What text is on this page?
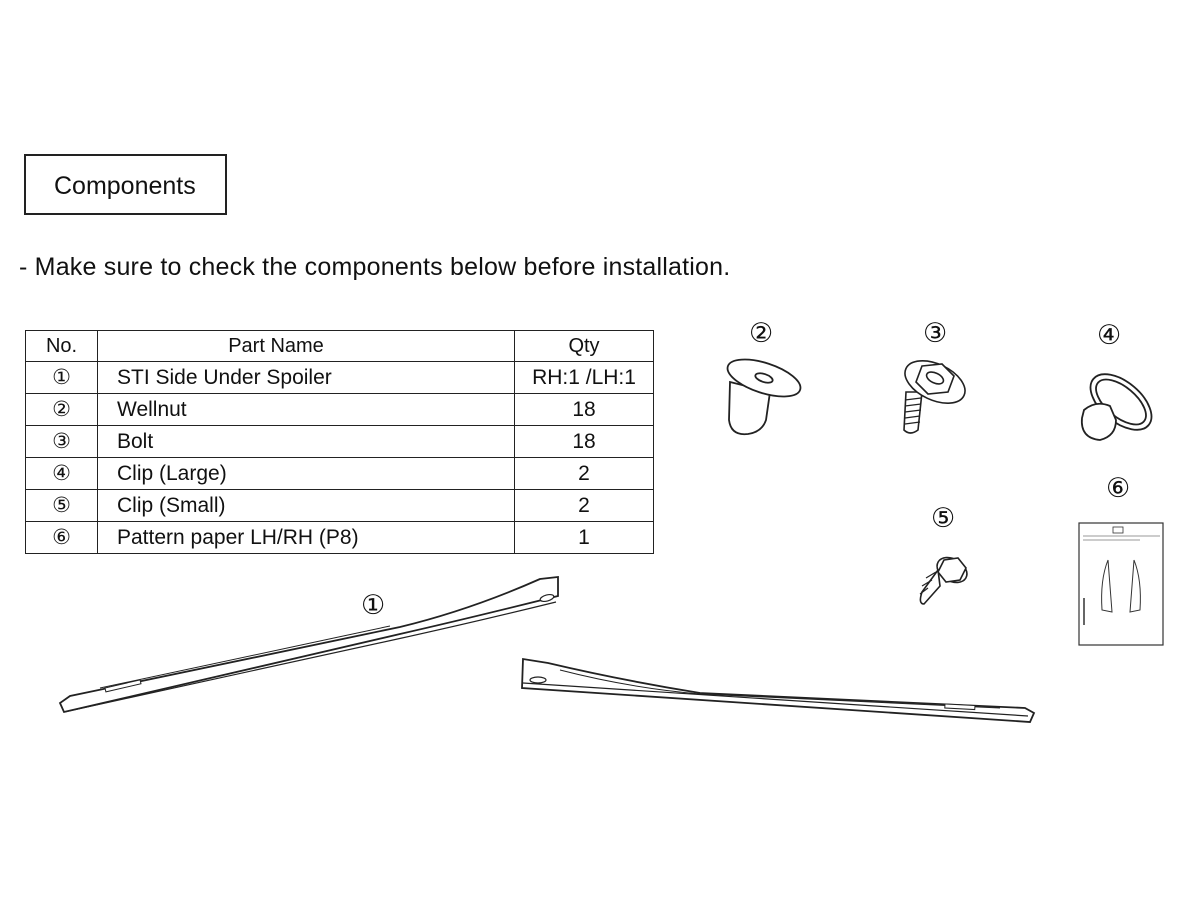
Components
- Make sure to check the components below before installation.
No.	Part Name	Qty
①	STI Side Under Spoiler	RH:1 /LH:1
②	Wellnut	18
③	Bolt	18
④	Clip (Large)	2
⑤	Clip (Small)	2
⑥	Pattern paper LH/RH (P8)	1
②	③	④
⑥
⑤
①
